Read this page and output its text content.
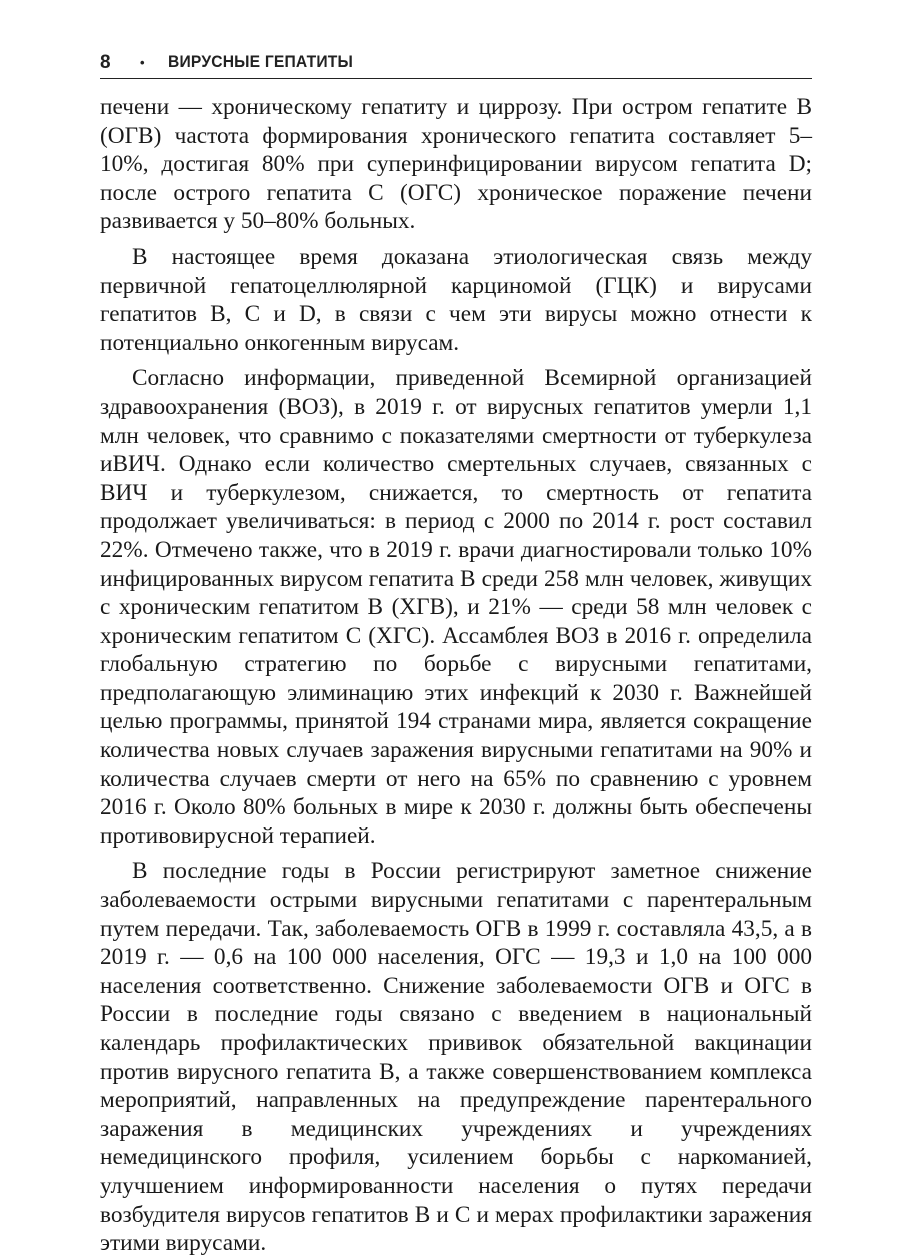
8 • ВИРУСНЫЕ ГЕПАТИТЫ

печени — хроническому гепатиту и циррозу. При остром гепатите В (ОГВ) частота формирования хронического гепатита составляет 5–10%, достигая 80% при суперинфицировании вирусом гепатита D; после острого гепатита С (ОГС) хроническое поражение печени развивается у 50–80% больных.

В настоящее время доказана этиологическая связь между первичной гепатоцеллюлярной карциномой (ГЦК) и вирусами гепатитов В, С и D, в связи с чем эти вирусы можно отнести к потенциально онкогенным вирусам.

Согласно информации, приведенной Всемирной организацией здравоохранения (ВОЗ), в 2019 г. от вирусных гепатитов умерли 1,1 млн человек, что сравнимо с показателями смертности от туберкулеза иВИЧ. Однако если количество смертельных случаев, связанных с ВИЧ и туберкулезом, снижается, то смертность от гепатита продолжает увеличиваться: в период с 2000 по 2014 г. рост составил 22%. Отмечено также, что в 2019 г. врачи диагностировали только 10% инфицированных вирусом гепатита В среди 258 млн человек, живущих с хроническим гепатитом В (ХГВ), и 21% — среди 58 млн человек с хроническим гепатитом С (ХГС). Ассамблея ВОЗ в 2016 г. определила глобальную стратегию по борьбе с вирусными гепатитами, предполагающую элиминацию этих инфекций к 2030 г. Важнейшей целью программы, принятой 194 странами мира, является сокращение количества новых случаев заражения вирусными гепатитами на 90% и количества случаев смерти от него на 65% по сравнению с уровнем 2016 г. Около 80% больных в мире к 2030 г. должны быть обеспечены противовирусной терапией.

В последние годы в России регистрируют заметное снижение заболеваемости острыми вирусными гепатитами с парентеральным путем передачи. Так, заболеваемость ОГВ в 1999 г. составляла 43,5, а в 2019 г. — 0,6 на 100 000 населения, ОГС — 19,3 и 1,0 на 100 000 населения соответственно. Снижение заболеваемости ОГВ и ОГС в России в последние годы связано с введением в национальный календарь профилактических прививок обязательной вакцинации против вирусного гепатита В, а также совершенствованием комплекса мероприятий, направленных на предупреждение парентерального заражения в медицинских учреждениях и учреждениях немедицинского профиля, усилением борьбы с наркоманией, улучшением информированности населения о путях передачи возбудителя вирусов гепатитов В и С и мерах профилактики заражения этими вирусами.
